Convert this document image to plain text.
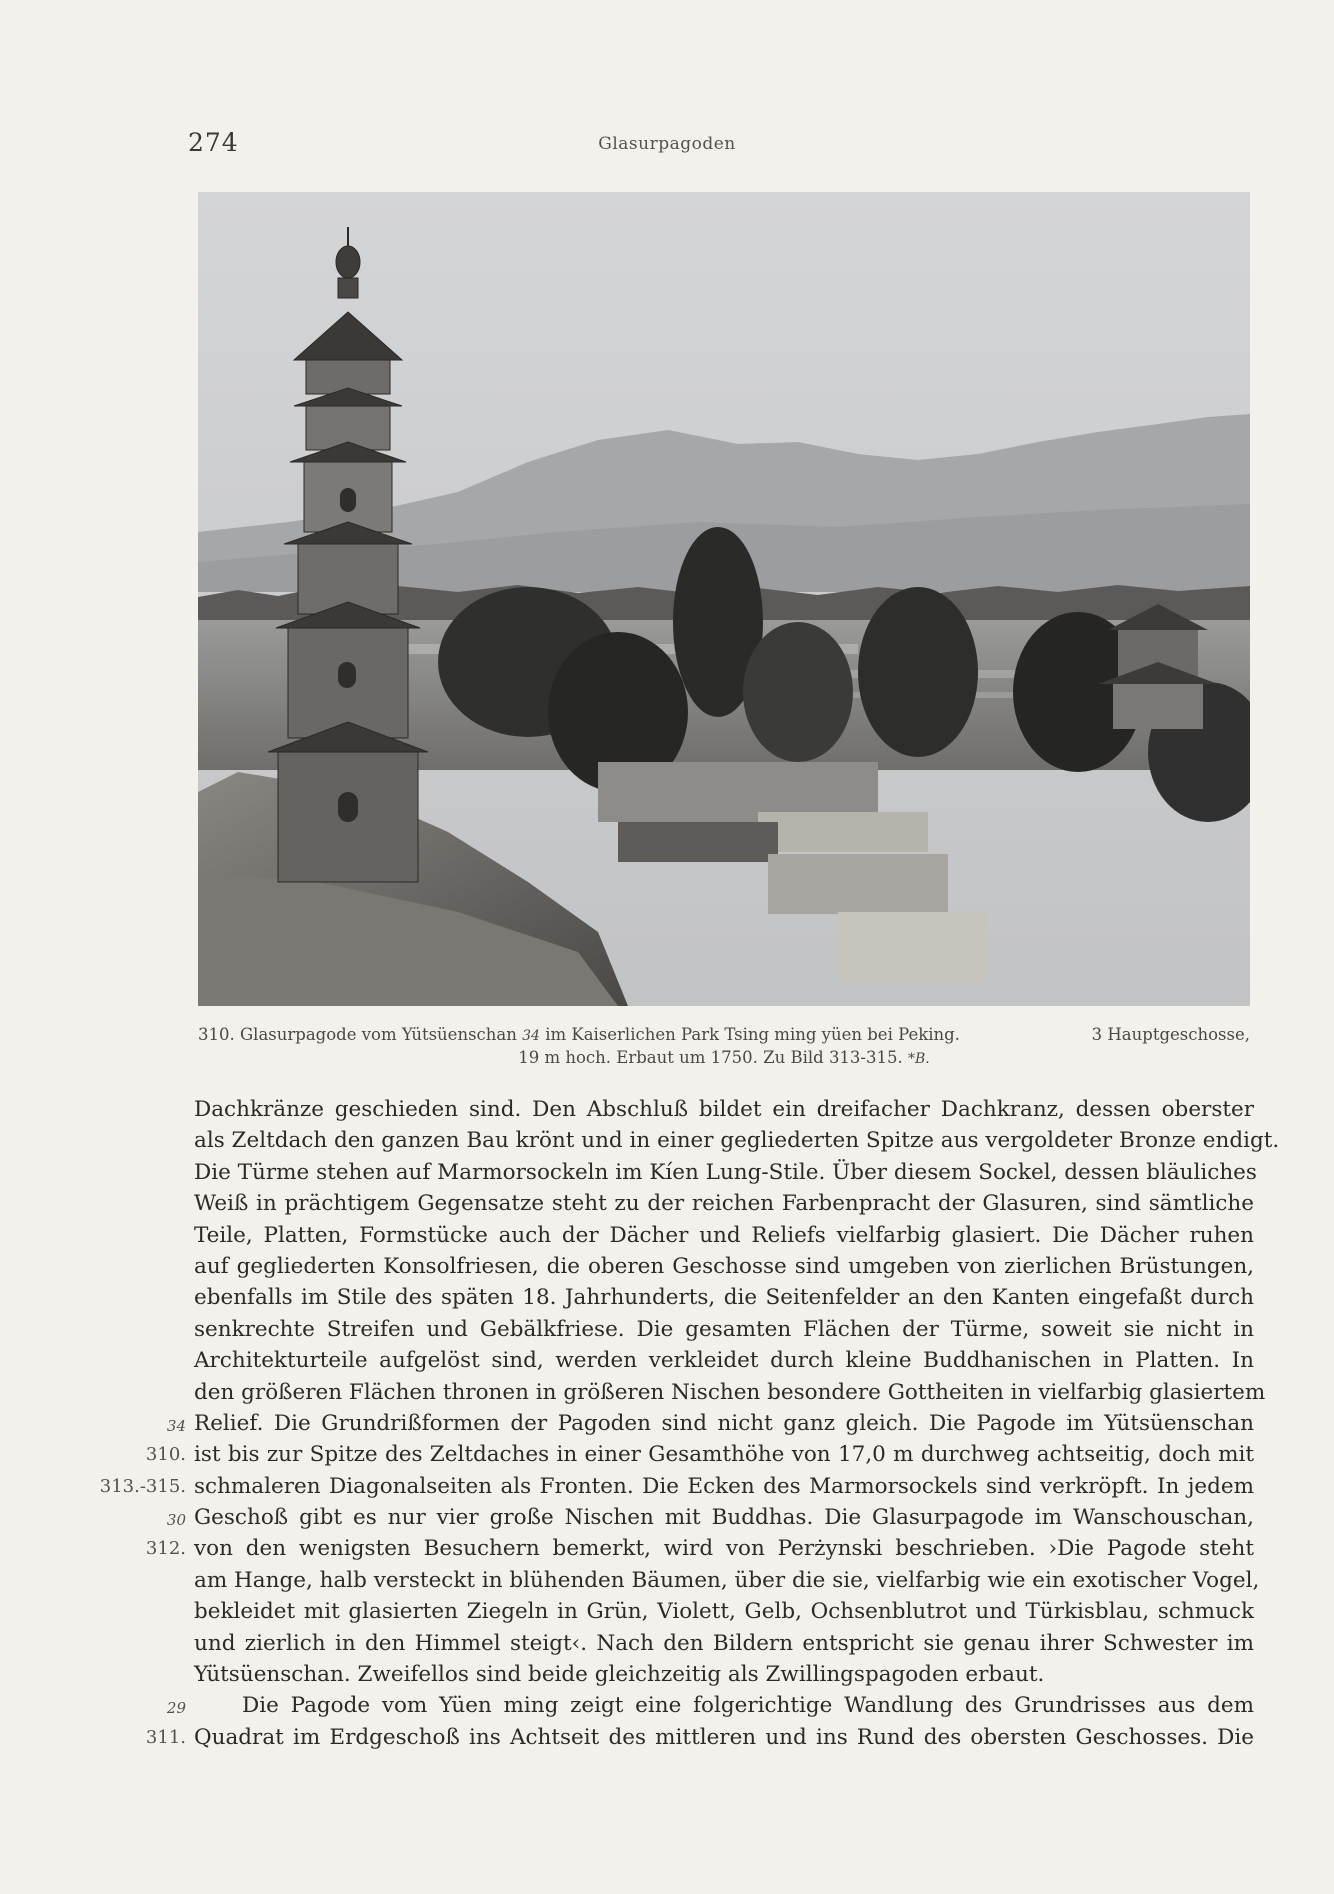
274	Glasurpagoden
310. Glasurpagode vom Yütsüenschan 34 im Kaiserlichen Park Tsing ming yüen bei Peking.	3 Hauptgeschosse,
19 m hoch. Erbaut um 1750. Zu Bild 313-315. *B.
Dachkränze geschieden sind. Den Abschluß bildet ein dreifacher Dachkranz, dessen oberster
als Zeltdach den ganzen Bau krönt und in einer gegliederten Spitze aus vergoldeter Bronze endigt.
Die Türme stehen auf Marmorsockeln im Kíen Lung-Stile. Über diesem Sockel, dessen bläuliches
Weiß in prächtigem Gegensatze steht zu der reichen Farbenpracht der Glasuren, sind sämtliche
Teile, Platten, Formstücke auch der Dächer und Reliefs vielfarbig glasiert. Die Dächer ruhen
auf gegliederten Konsolfriesen, die oberen Geschosse sind umgeben von zierlichen Brüstungen,
ebenfalls im Stile des späten 18. Jahrhunderts, die Seitenfelder an den Kanten eingefaßt durch
senkrechte Streifen und Gebälkfriese. Die gesamten Flächen der Türme, soweit sie nicht in
Architekturteile aufgelöst sind, werden verkleidet durch kleine Buddhanischen in Platten. In
den größeren Flächen thronen in größeren Nischen besondere Gottheiten in vielfarbig glasiertem
34 Relief. Die Grundrißformen der Pagoden sind nicht ganz gleich. Die Pagode im Yütsüenschan
310. ist bis zur Spitze des Zeltdaches in einer Gesamthöhe von 17,0 m durchweg achtseitig, doch mit
313.-315. schmaleren Diagonalseiten als Fronten. Die Ecken des Marmorsockels sind verkröpft. In jedem
30 Geschoß gibt es nur vier große Nischen mit Buddhas. Die Glasurpagode im Wanschouschan,
312. von den wenigsten Besuchern bemerkt, wird von Perżynski beschrieben. ›Die Pagode steht
am Hange, halb versteckt in blühenden Bäumen, über die sie, vielfarbig wie ein exotischer Vogel,
bekleidet mit glasierten Ziegeln in Grün, Violett, Gelb, Ochsenblutrot und Türkisblau, schmuck
und zierlich in den Himmel steigt‹. Nach den Bildern entspricht sie genau ihrer Schwester im
Yütsüenschan. Zweifellos sind beide gleichzeitig als Zwillingspagoden erbaut.
29	Die Pagode vom Yüen ming zeigt eine folgerichtige Wandlung des Grundrisses aus dem
311. Quadrat im Erdgeschoß ins Achtseit des mittleren und ins Rund des obersten Geschosses. Die
